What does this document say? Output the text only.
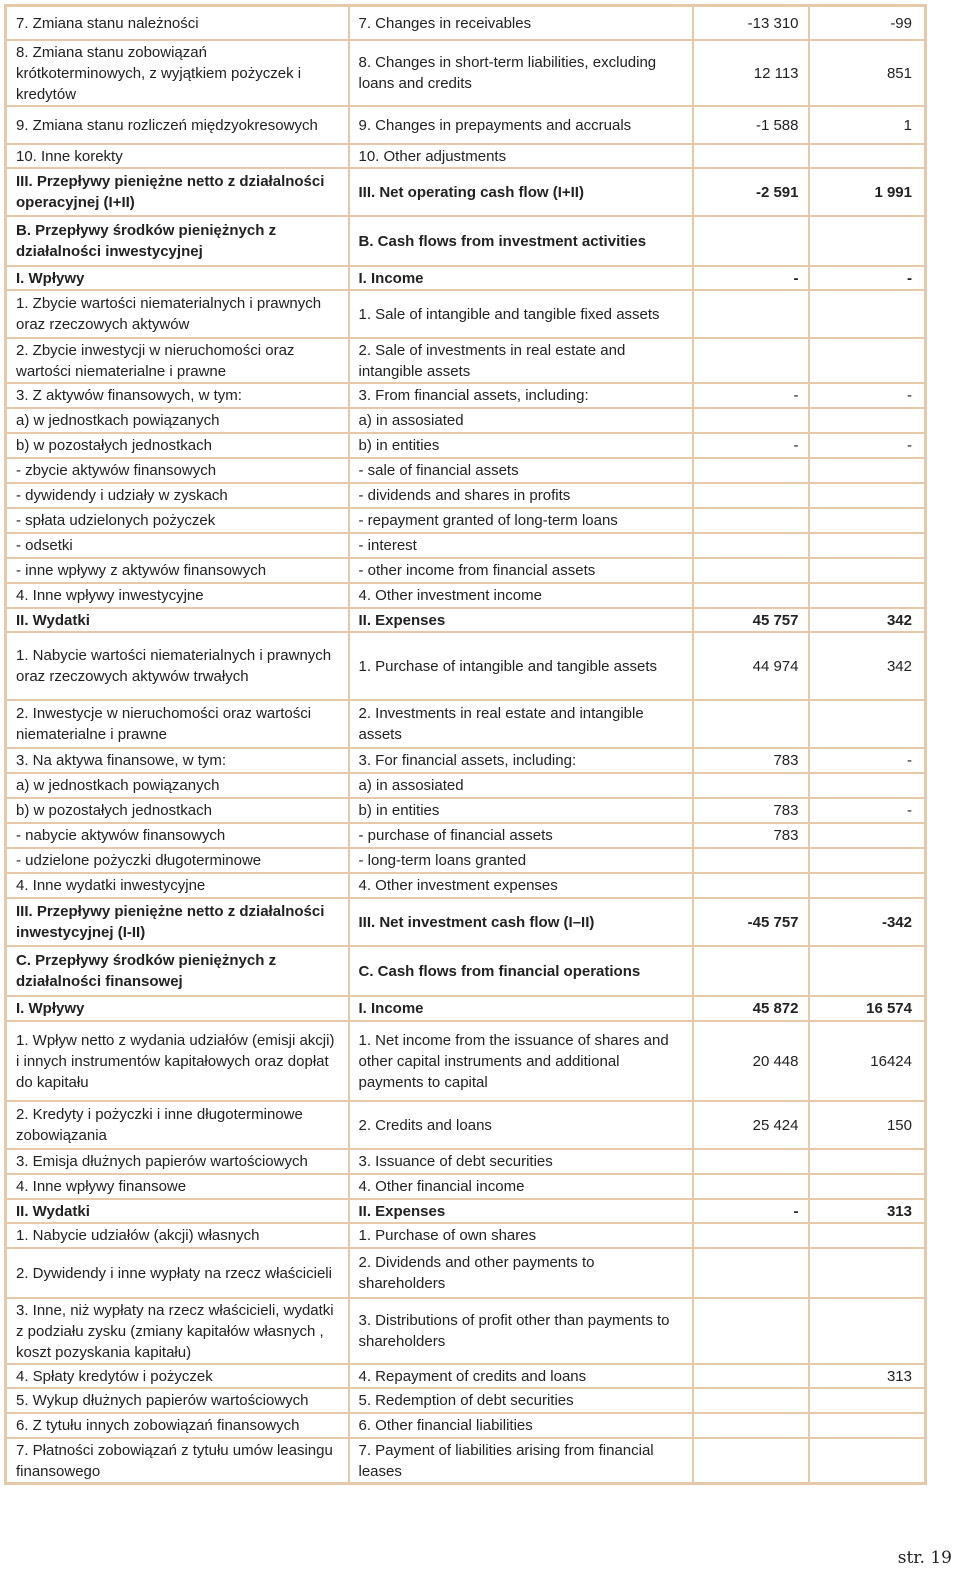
7. Zmiana stanu należności	7. Changes in receivables	-13 310	-99
8. Zmiana stanu zobowiązań krótkoterminowych, z wyjątkiem pożyczek i kredytów	8. Changes in short-term liabilities, excluding loans and credits	12 113	851
9. Zmiana stanu rozliczeń międzyokresowych	9. Changes in prepayments and accruals	-1 588	1
10. Inne korekty	10. Other adjustments		
III. Przepływy pieniężne netto z działalności operacyjnej (I+II)	III. Net operating cash flow (I+II)	-2 591	1 991
B. Przepływy środków pieniężnych z działalności inwestycyjnej	B. Cash flows from investment activities		
I. Wpływy	I. Income	-	-
1. Zbycie wartości niematerialnych i prawnych oraz rzeczowych aktywów	1. Sale of intangible and tangible fixed assets		
2. Zbycie inwestycji w nieruchomości oraz wartości niematerialne i prawne	2. Sale of investments in real estate and intangible assets		
3. Z aktywów finansowych, w tym:	3. From financial assets, including:	-	-
a) w jednostkach powiązanych	a) in assosiated		
b) w pozostałych jednostkach	b) in entities	-	-
- zbycie aktywów finansowych	- sale of financial assets		
- dywidendy i udziały w zyskach	- dividends and shares in profits		
- spłata udzielonych pożyczek	- repayment granted of long-term loans		
- odsetki	- interest		
- inne wpływy z aktywów finansowych	- other income from financial assets		
4. Inne wpływy inwestycyjne	4. Other investment income		
II. Wydatki	II. Expenses	45 757	342
1. Nabycie wartości niematerialnych i prawnych oraz rzeczowych aktywów trwałych	1. Purchase of intangible and tangible assets	44 974	342
2. Inwestycje w nieruchomości oraz wartości niematerialne i prawne	2. Investments in real estate and intangible assets		
3. Na aktywa finansowe, w tym:	3. For financial assets, including:	783	-
a) w jednostkach powiązanych	a) in assosiated		
b) w pozostałych jednostkach	b) in entities	783	-
- nabycie aktywów finansowych	- purchase of financial assets	783	
- udzielone pożyczki długoterminowe	- long-term loans granted		
4. Inne wydatki inwestycyjne	4. Other investment expenses		
III. Przepływy pieniężne netto z działalności inwestycyjnej (I-II)	III. Net investment cash flow (I–II)	-45 757	-342
C. Przepływy środków pieniężnych z działalności finansowej	C. Cash flows from financial operations		
I. Wpływy	I. Income	45 872	16 574
1. Wpływ netto z wydania udziałów (emisji akcji) i innych instrumentów kapitałowych oraz dopłat do kapitału	1. Net income from the issuance of shares and other capital instruments and additional payments to capital	20 448	16424
2. Kredyty i pożyczki i inne długoterminowe zobowiązania	2. Credits and loans	25 424	150
3. Emisja dłużnych papierów wartościowych	3. Issuance of debt securities		
4. Inne wpływy finansowe	4. Other financial income		
II. Wydatki	II. Expenses	-	313
1. Nabycie udziałów (akcji) własnych	1. Purchase of own shares		
2. Dywidendy i inne wypłaty na rzecz właścicieli	2. Dividends and other payments to shareholders		
3. Inne, niż wypłaty na rzecz właścicieli, wydatki z podziału zysku (zmiany kapitałów własnych , koszt pozyskania kapitału)	3. Distributions of profit other than payments to shareholders		
4. Spłaty kredytów i pożyczek	4. Repayment of credits and loans		313
5. Wykup dłużnych papierów wartościowych	5. Redemption of debt securities		
6. Z tytułu innych zobowiązań finansowych	6. Other financial liabilities		
7. Płatności zobowiązań z tytułu umów leasingu finansowego	7. Payment of liabilities arising from financial leases		
str. 19
